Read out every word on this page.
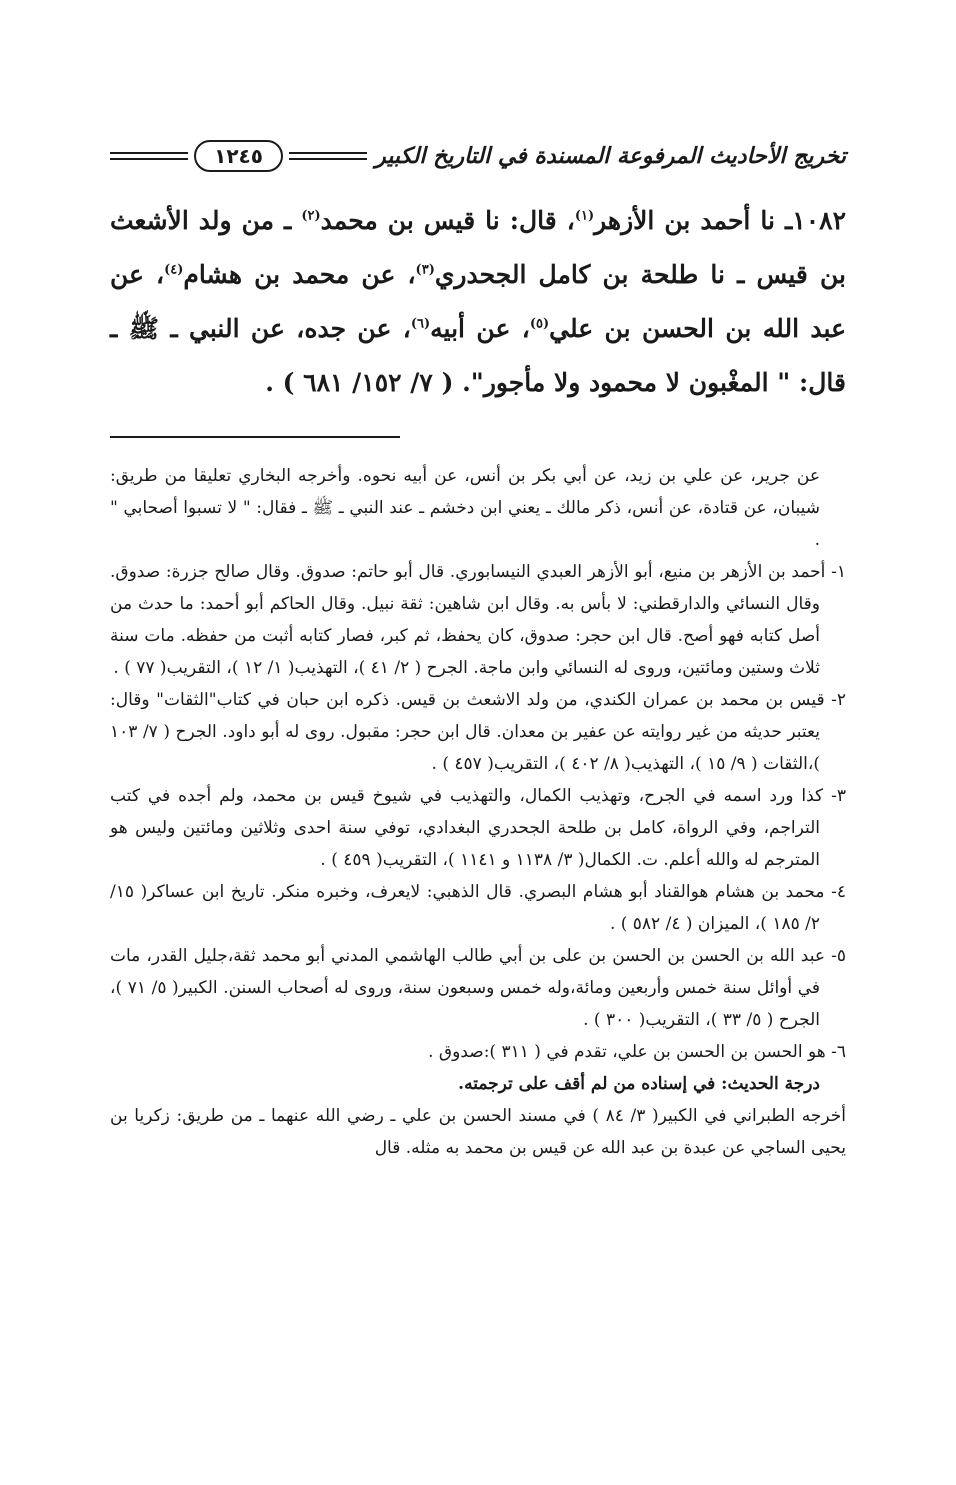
تخريج الأحاديث المرفوعة المسندة في التاريخ الكبير
١٢٤٥

١٠٨٢ـ نا أحمد بن الأزهر$^{(١)}$، قال: نا قيس بن محمد$^{(٢)}$ ـ من ولد الأشعث بن قيس ـ نا طلحة بن كامل الجحدري$^{(٣)}$، عن محمد بن هشام$^{(٤)}$، عن عبد الله بن الحسن بن علي$^{(٥)}$، عن أبيه$^{(٦)}$، عن جده، عن النبي ـ ﷺ ـ قال: " المغْبون لا محمود ولا مأجور". ( ٧/ ١٥٢/ ٦٨١ ) .

عن جرير، عن علي بن زيد، عن أبي بكر بن أنس، عن أبيه نحوه. وأخرجه البخاري تعليقا من طريق: شيبان، عن قتادة، عن أنس، ذكر مالك ـ يعني ابن دخشم ـ عند النبي ـ ﷺ ـ فقال: " لا تسبوا أصحابي " .

١- أحمد بن الأزهر بن منيع، أبو الأزهر العبدي النيسابوري. قال أبو حاتم: صدوق. وقال صالح جزرة: صدوق. وقال النسائي والدارقطني: لا بأس به. وقال ابن شاهين: ثقة نبيل. وقال الحاكم أبو أحمد: ما حدث من أصل كتابه فهو أصح. قال ابن حجر: صدوق، كان يحفظ، ثم كبر، فصار كتابه أثبت من حفظه. مات سنة ثلاث وستين ومائتين، وروى له النسائي وابن ماجة. الجرح ( ٢/ ٤١ )، التهذيب( ١/ ١٢ )، التقريب( ٧٧ ) .

٢- قيس بن محمد بن عمران الكندي، من ولد الاشعث بن قيس. ذكره ابن حبان في كتاب"الثقات" وقال: يعتبر حديثه من غير روايته عن عفير بن معدان. قال ابن حجر: مقبول. روى له أبو داود. الجرح ( ٧/ ١٠٣ )،الثقات ( ٩/ ١٥ )، التهذيب( ٨/ ٤٠٢ )، التقريب( ٤٥٧ ) .

٣- كذا ورد اسمه في الجرح، وتهذيب الكمال، والتهذيب في شيوخ قيس بن محمد، ولم أجده في كتب التراجم، وفي الرواة، كامل بن طلحة الجحدري البغدادي، توفي سنة احدى وثلاثين ومائتين وليس هو المترجم له والله أعلم. ت. الكمال( ٣/ ١١٣٨ و ١١٤١ )، التقريب( ٤٥٩ ) .

٤- محمد بن هشام هوالقناد أبو هشام البصري. قال الذهبي: لايعرف، وخبره منكر. تاريخ ابن عساكر( ١٥/ ٢/ ١٨٥ )، الميزان ( ٤/ ٥٨٢ ) .

٥- عبد الله بن الحسن بن الحسن بن على بن أبي طالب الهاشمي المدني أبو محمد ثقة،جليل القدر، مات في أوائل سنة خمس وأربعين ومائة،وله خمس وسبعون سنة، وروى له أصحاب السنن. الكبير( ٥/ ٧١ )، الجرح ( ٥/ ٣٣ )، التقريب( ٣٠٠ ) .

٦- هو الحسن بن الحسن بن علي، تقدم في ( ٣١١ ):صدوق .

درجة الحديث: في إسناده من لم أقف على ترجمته.

أخرجه الطبراني في الكبير( ٣/ ٨٤ ) في مسند الحسن بن علي ـ رضي الله عنهما ـ من طريق: زكريا بن يحيى الساجي عن عبدة بن عبد الله عن قيس بن محمد به مثله. قال
